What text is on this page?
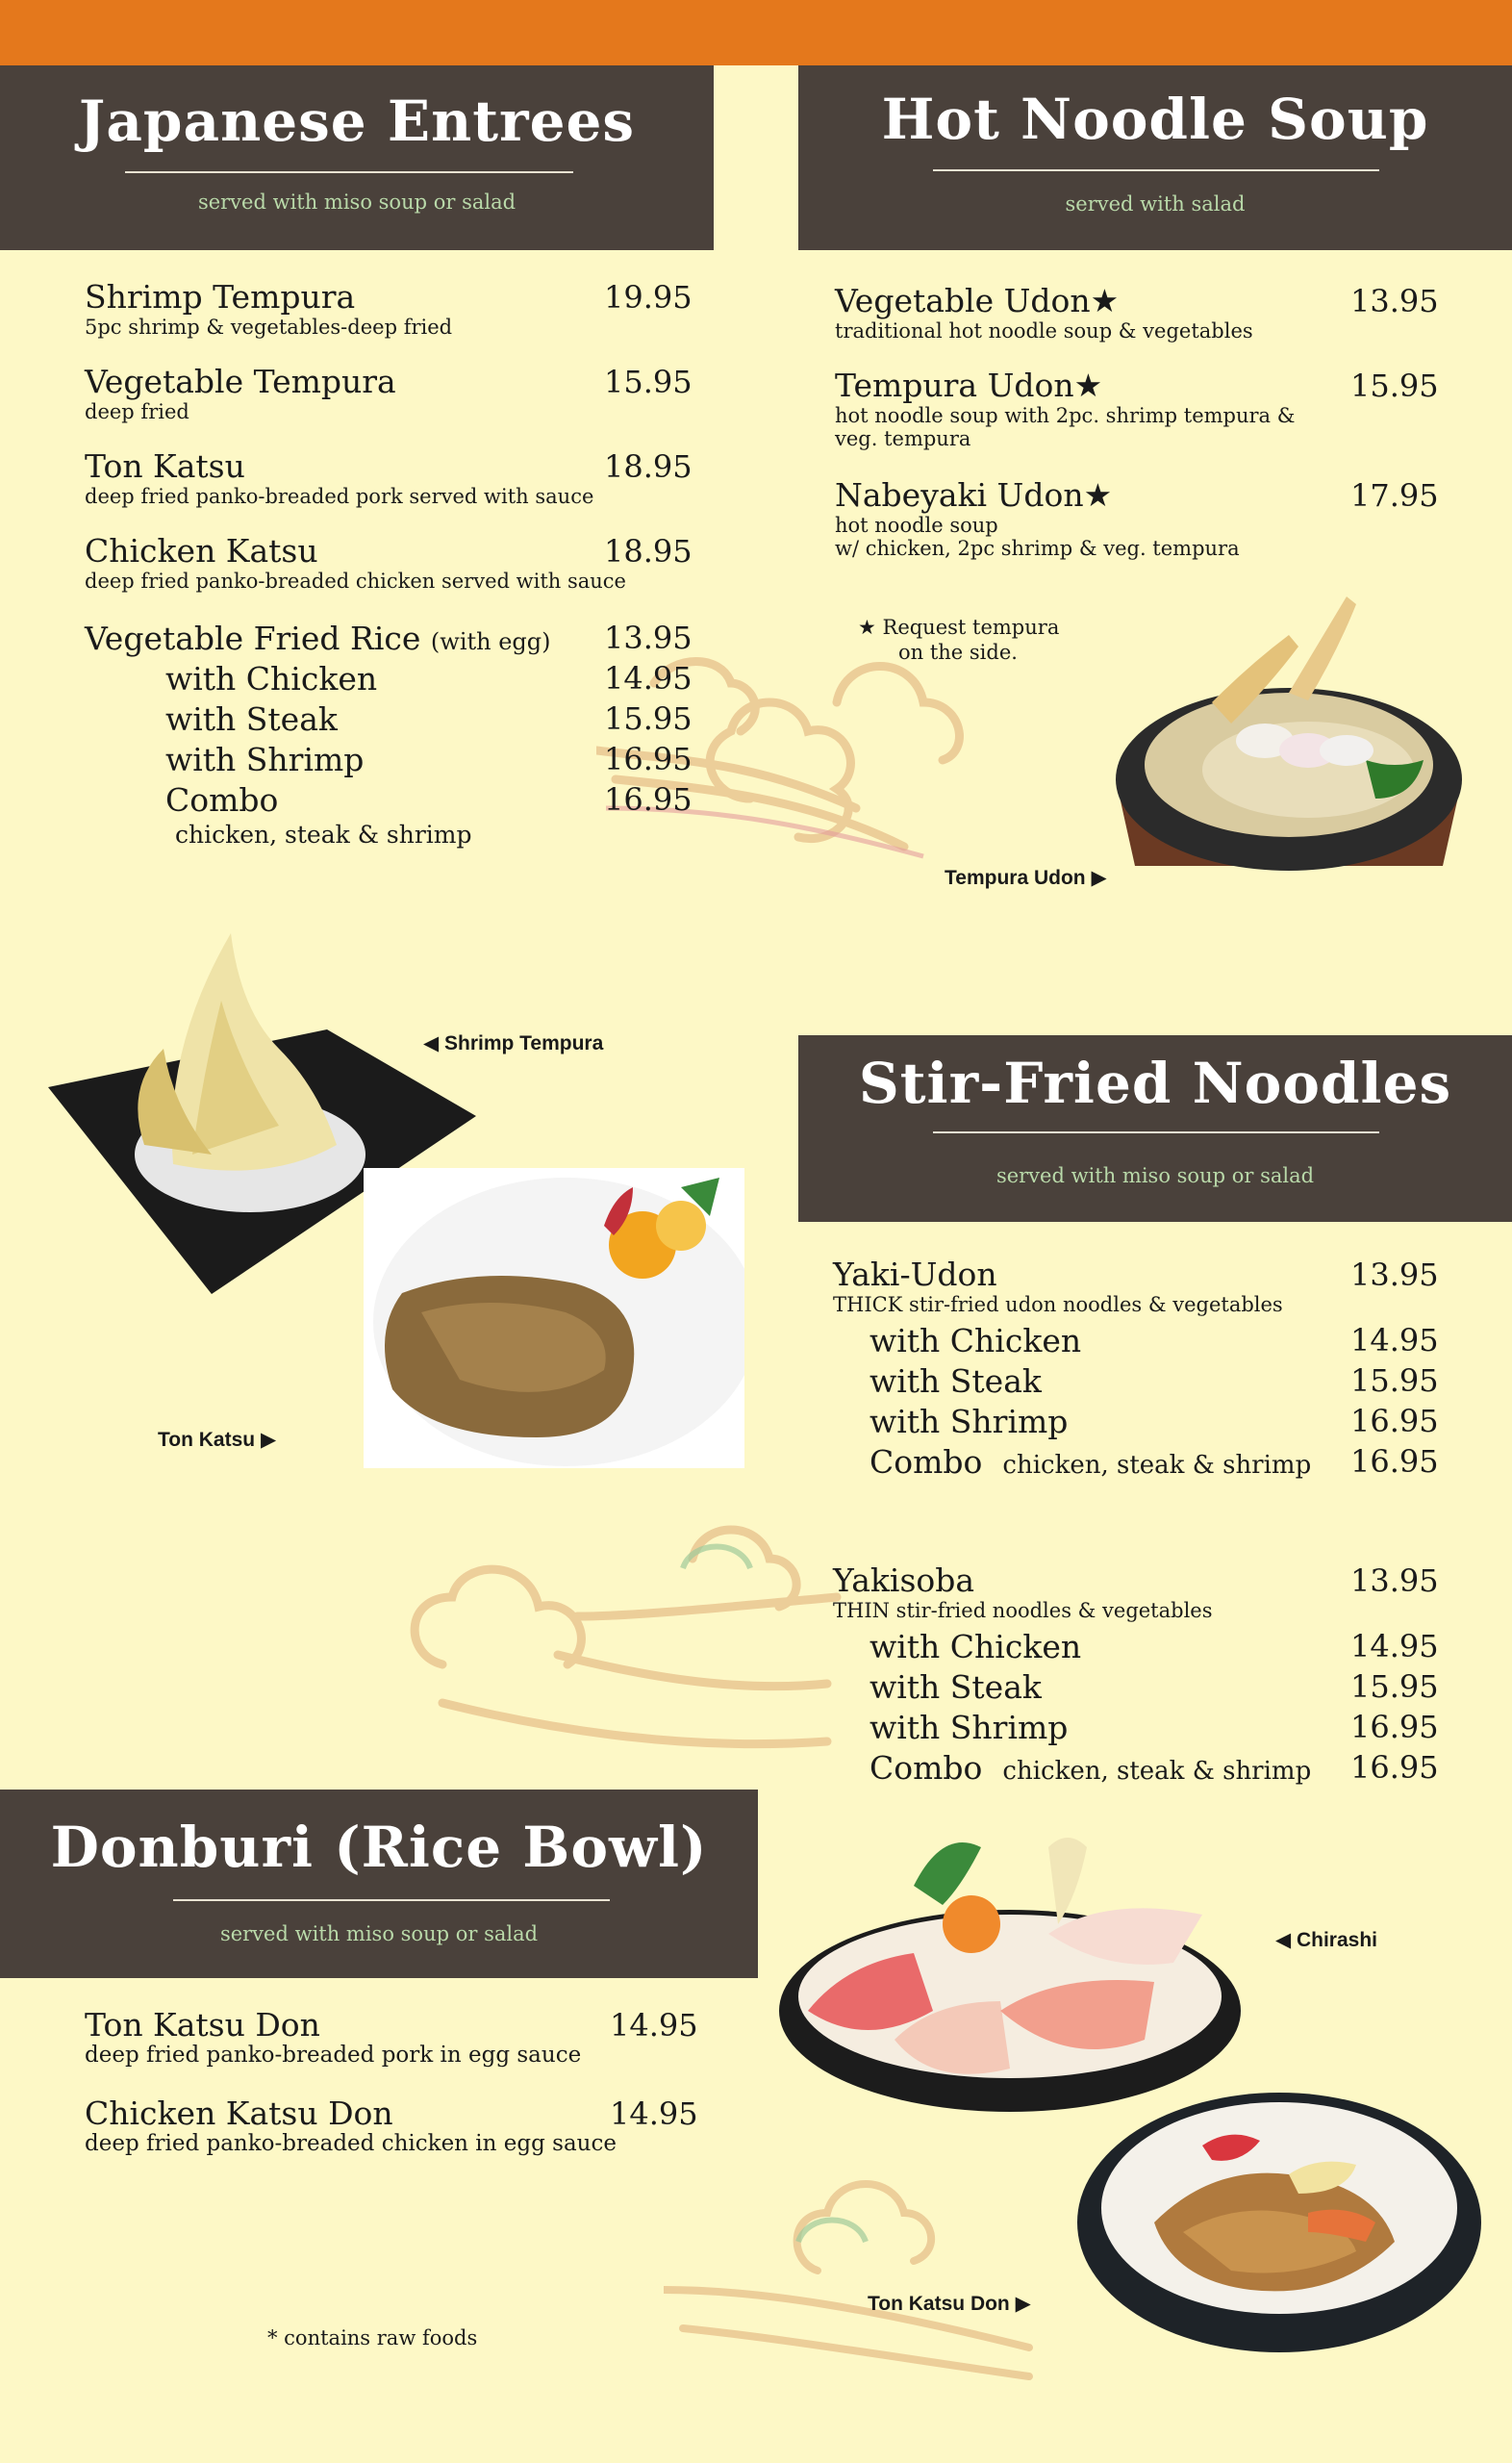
Japanese Entrees
served with miso soup or salad
Shrimp Tempura
5pc shrimp & vegetables-deep fried
19.95
Vegetable Tempura
deep fried
15.95
Ton Katsu
deep fried panko-breaded pork served with sauce
18.95
Chicken Katsu
deep fried panko-breaded chicken served with sauce
18.95
Vegetable Fried Rice (with egg) 13.95
with Chicken	14.95
with Steak	15.95
with Shrimp	16.95
Combo	16.95
chicken, steak & shrimp
Hot Noodle Soup
served with salad
Vegetable Udon★
traditional hot noodle soup & vegetables
13.95
Tempura Udon★
hot noodle soup with 2pc. shrimp tempura &
veg. tempura
15.95
Nabeyaki Udon★
hot noodle soup
w/ chicken, 2pc shrimp & veg. tempura
17.95
★ Request tempura
on the side.
Tempura Udon ▶
◀ Shrimp Tempura
Ton Katsu ▶
Stir-Fried Noodles
served with miso soup or salad
Yaki-Udon
THICK stir-fried udon noodles & vegetables
13.95
with Chicken	14.95
with Steak	15.95
with Shrimp	16.95
Combo chicken, steak & shrimp 16.95
Yakisoba
THIN stir-fried noodles & vegetables
13.95
with Chicken	14.95
with Steak	15.95
with Shrimp	16.95
Combo chicken, steak & shrimp 16.95
Donburi (Rice Bowl)
served with miso soup or salad
Ton Katsu Don
deep fried panko-breaded pork in egg sauce
14.95
Chicken Katsu Don
deep fried panko-breaded chicken in egg sauce
14.95
* contains raw foods
◀ Chirashi
Ton Katsu Don ▶
